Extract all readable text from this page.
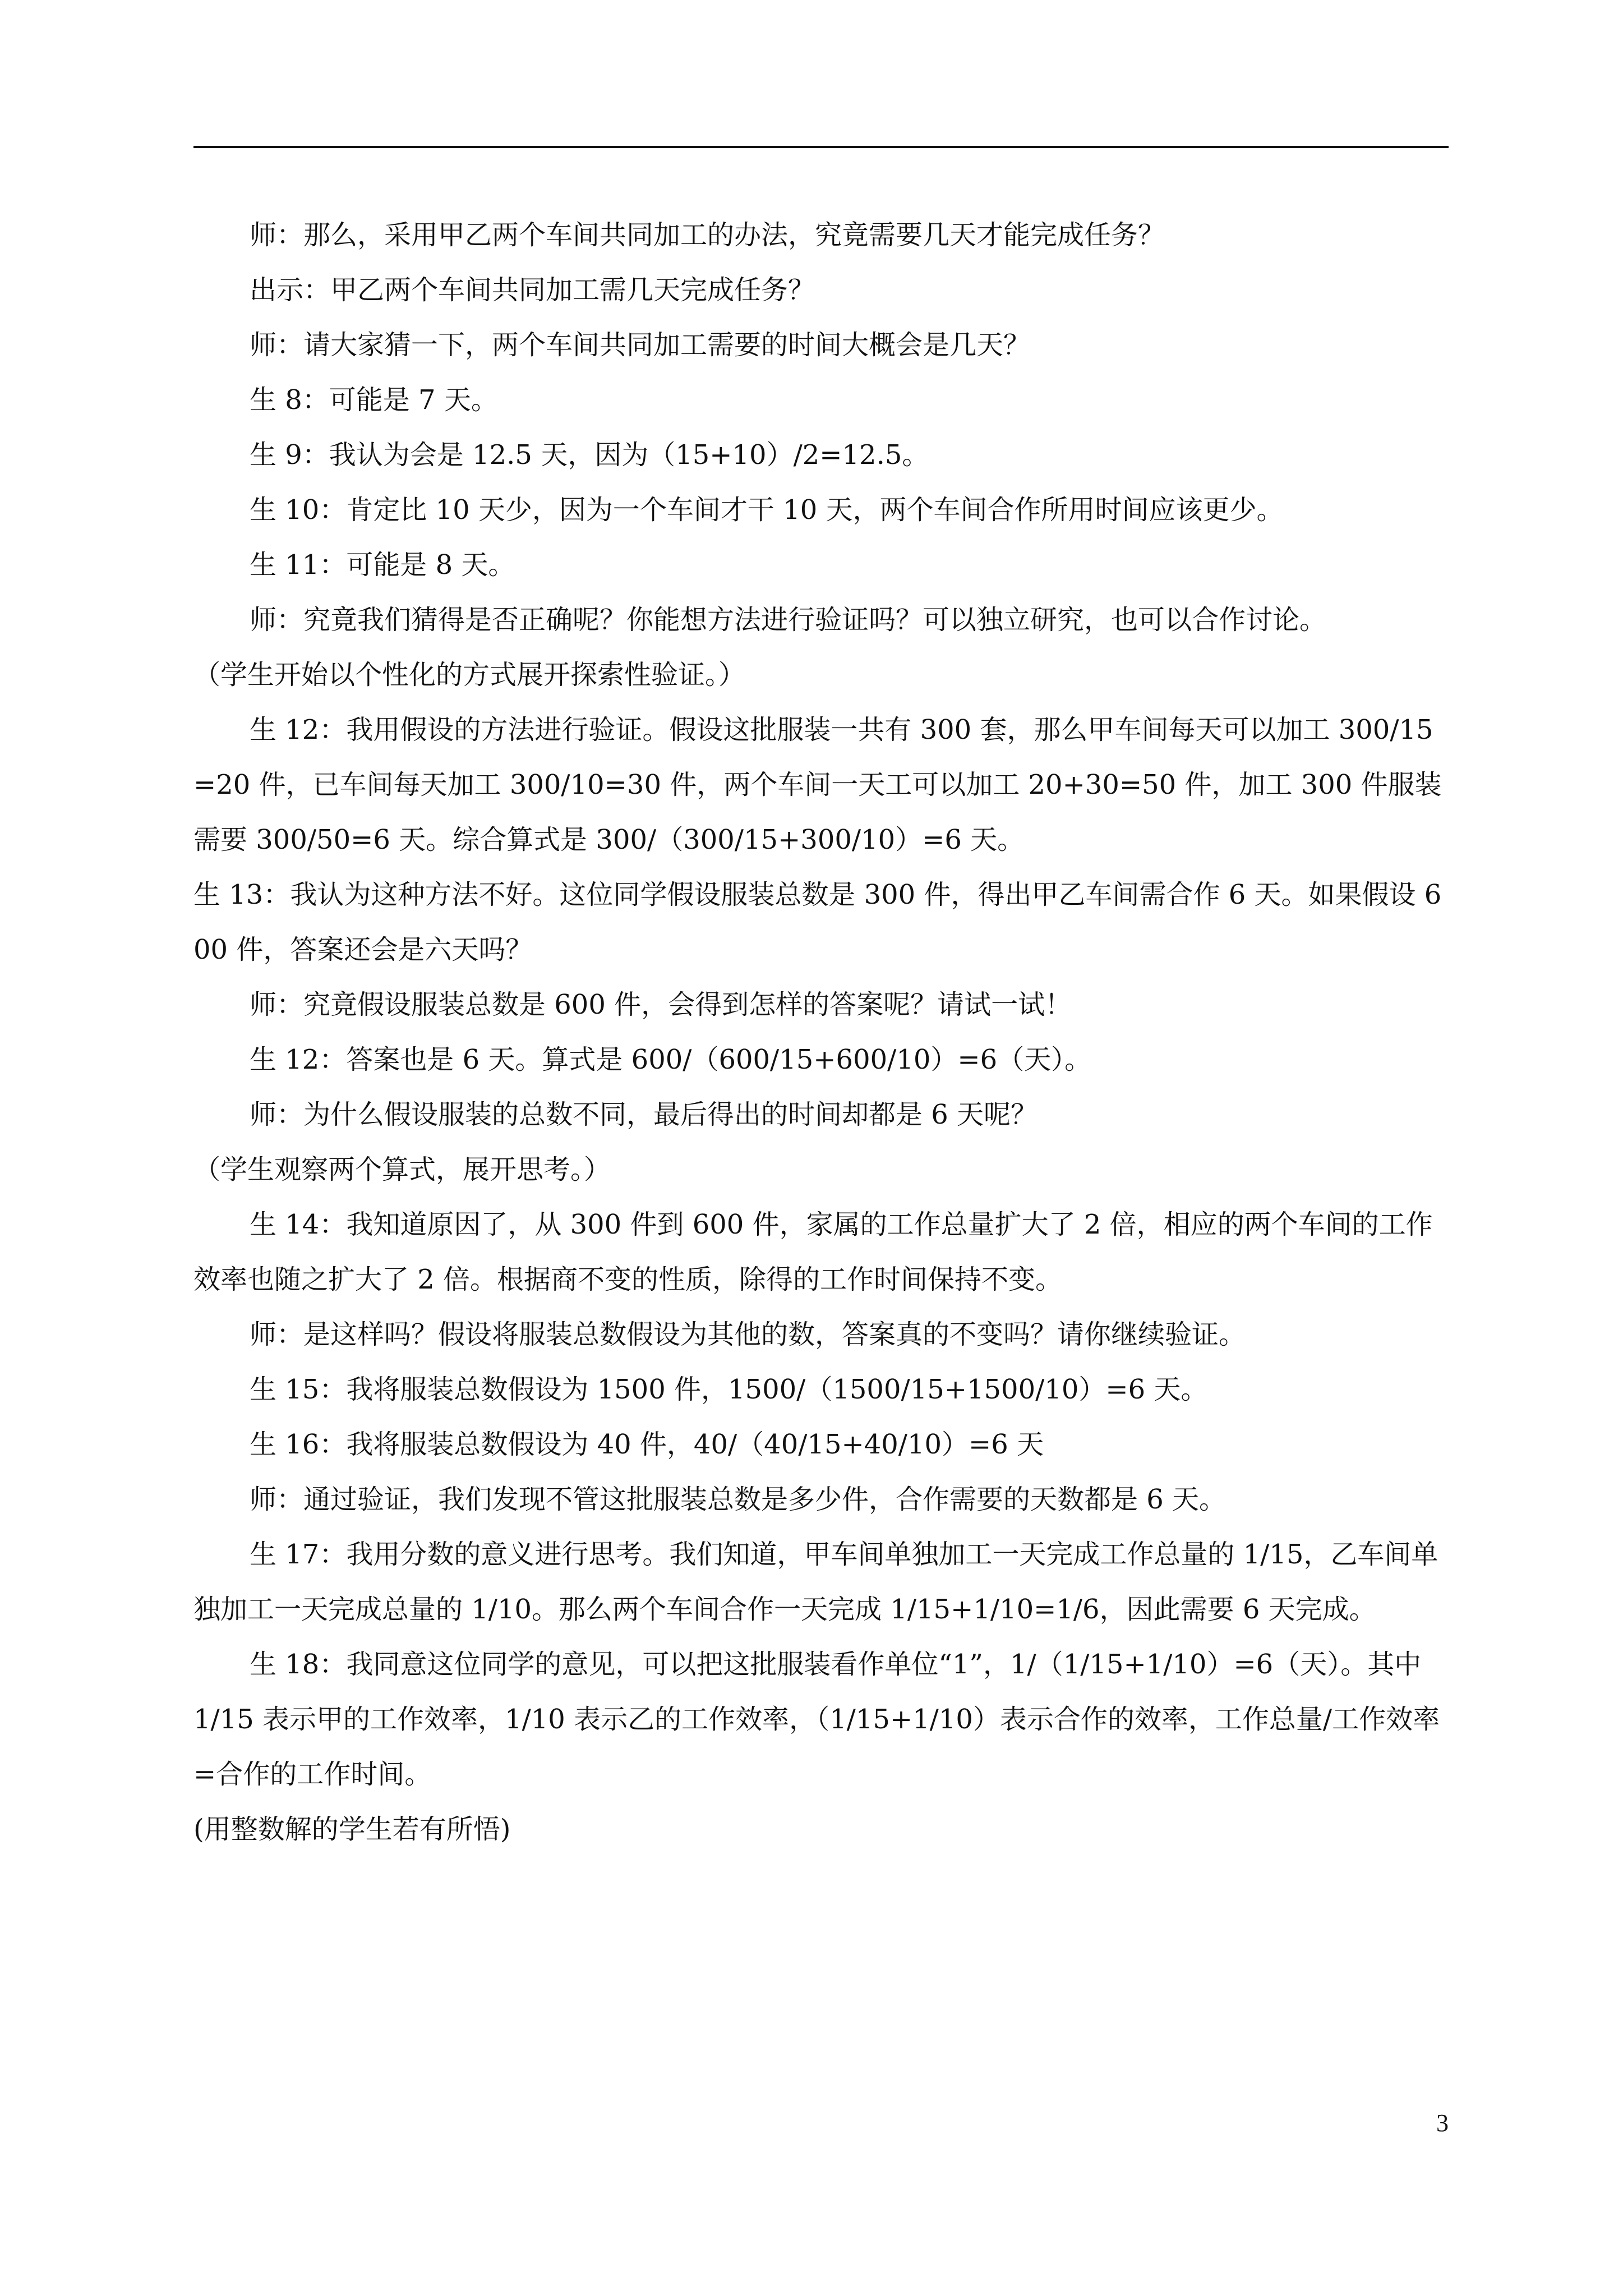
师：那么，采用甲乙两个车间共同加工的办法，究竟需要几天才能完成任务？

出示：甲乙两个车间共同加工需几天完成任务？

师：请大家猜一下，两个车间共同加工需要的时间大概会是几天？

生 8：可能是 7 天。

生 9：我认为会是 12.5 天，因为（15+10）/2=12.5。

生 10：肯定比 10 天少，因为一个车间才干 10 天，两个车间合作所用时间应该更少。

生 11：可能是 8 天。

师：究竟我们猜得是否正确呢？你能想方法进行验证吗？可以独立研究，也可以合作讨论。

（学生开始以个性化的方式展开探索性验证。）

生 12：我用假设的方法进行验证。假设这批服装一共有 300 套，那么甲车间每天可以加工 300/15=20 件，已车间每天加工 300/10=30 件，两个车间一天工可以加工 20+30=50 件，加工 300 件服装需要 300/50=6 天。综合算式是 300/（300/15+300/10）=6 天。

生 13：我认为这种方法不好。这位同学假设服装总数是 300 件，得出甲乙车间需合作 6 天。如果假设 600 件，答案还会是六天吗？

师：究竟假设服装总数是 600 件，会得到怎样的答案呢？请试一试！

生 12：答案也是 6 天。算式是 600/（600/15+600/10）=6（天）。

师：为什么假设服装的总数不同，最后得出的时间却都是 6 天呢？

（学生观察两个算式，展开思考。）

生 14：我知道原因了，从 300 件到 600 件，家属的工作总量扩大了 2 倍，相应的两个车间的工作效率也随之扩大了 2 倍。根据商不变的性质，除得的工作时间保持不变。

师：是这样吗？假设将服装总数假设为其他的数，答案真的不变吗？请你继续验证。

生 15：我将服装总数假设为 1500 件，1500/（1500/15+1500/10）=6 天。

生 16：我将服装总数假设为 40 件，40/（40/15+40/10）=6 天

师：通过验证，我们发现不管这批服装总数是多少件，合作需要的天数都是 6 天。

生 17：我用分数的意义进行思考。我们知道，甲车间单独加工一天完成工作总量的 1/15，乙车间单独加工一天完成总量的 1/10。那么两个车间合作一天完成 1/15+1/10=1/6，因此需要 6 天完成。

生 18：我同意这位同学的意见，可以把这批服装看作单位“1”，1/（1/15+1/10）=6（天）。其中 1/15 表示甲的工作效率，1/10 表示乙的工作效率，（1/15+1/10）表示合作的效率，工作总量/工作效率=合作的工作时间。

(用整数解的学生若有所悟)

3
